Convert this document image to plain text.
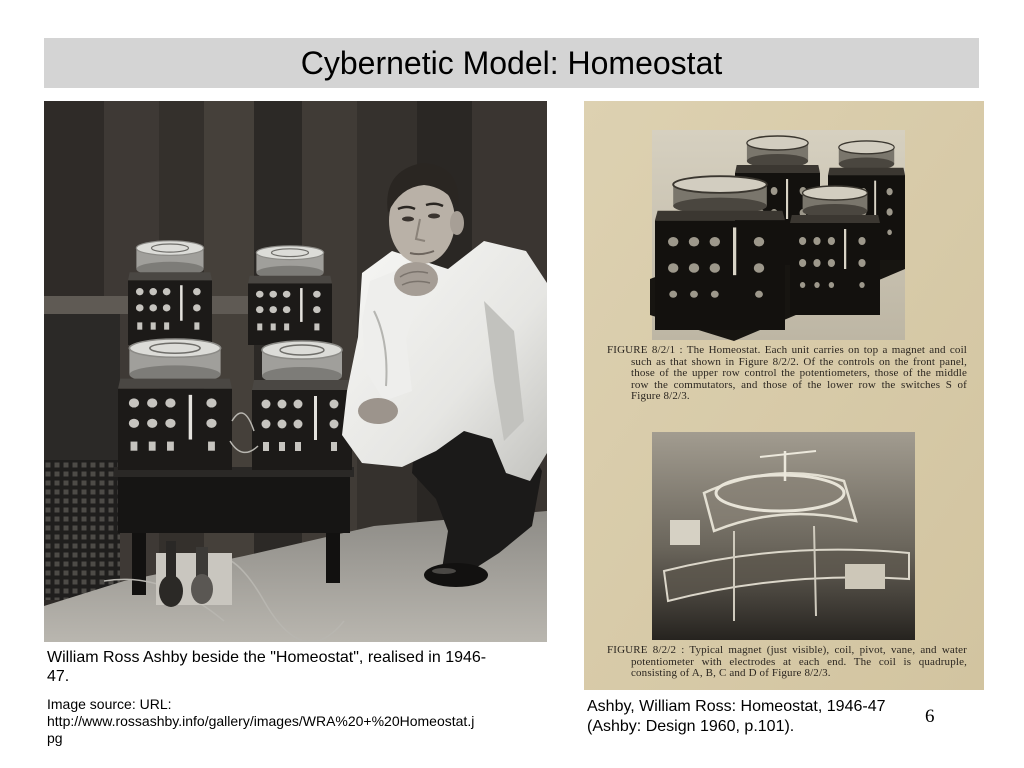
Cybernetic Model: Homeostat
William Ross Ashby beside the "Homeostat", realised in 1946-47.
Image source: URL: http://www.rossashby.info/gallery/images/WRA%20+%20Homeostat.jpg
FIGURE 8/2/1 : The Homeostat. Each unit carries on top a magnet and coil such as that shown in Figure 8/2/2. Of the controls on the front panel, those of the upper row control the potentiometers, those of the middle row the commutators, and those of the lower row the switches S of Figure 8/2/3.
FIGURE 8/2/2 : Typical magnet (just visible), coil, pivot, vane, and water potentiometer with electrodes at each end. The coil is quadruple, consisting of A, B, C and D of Figure 8/2/3.
Ashby, William Ross: Homeostat, 1946-47 (Ashby: Design 1960, p.101).	6
